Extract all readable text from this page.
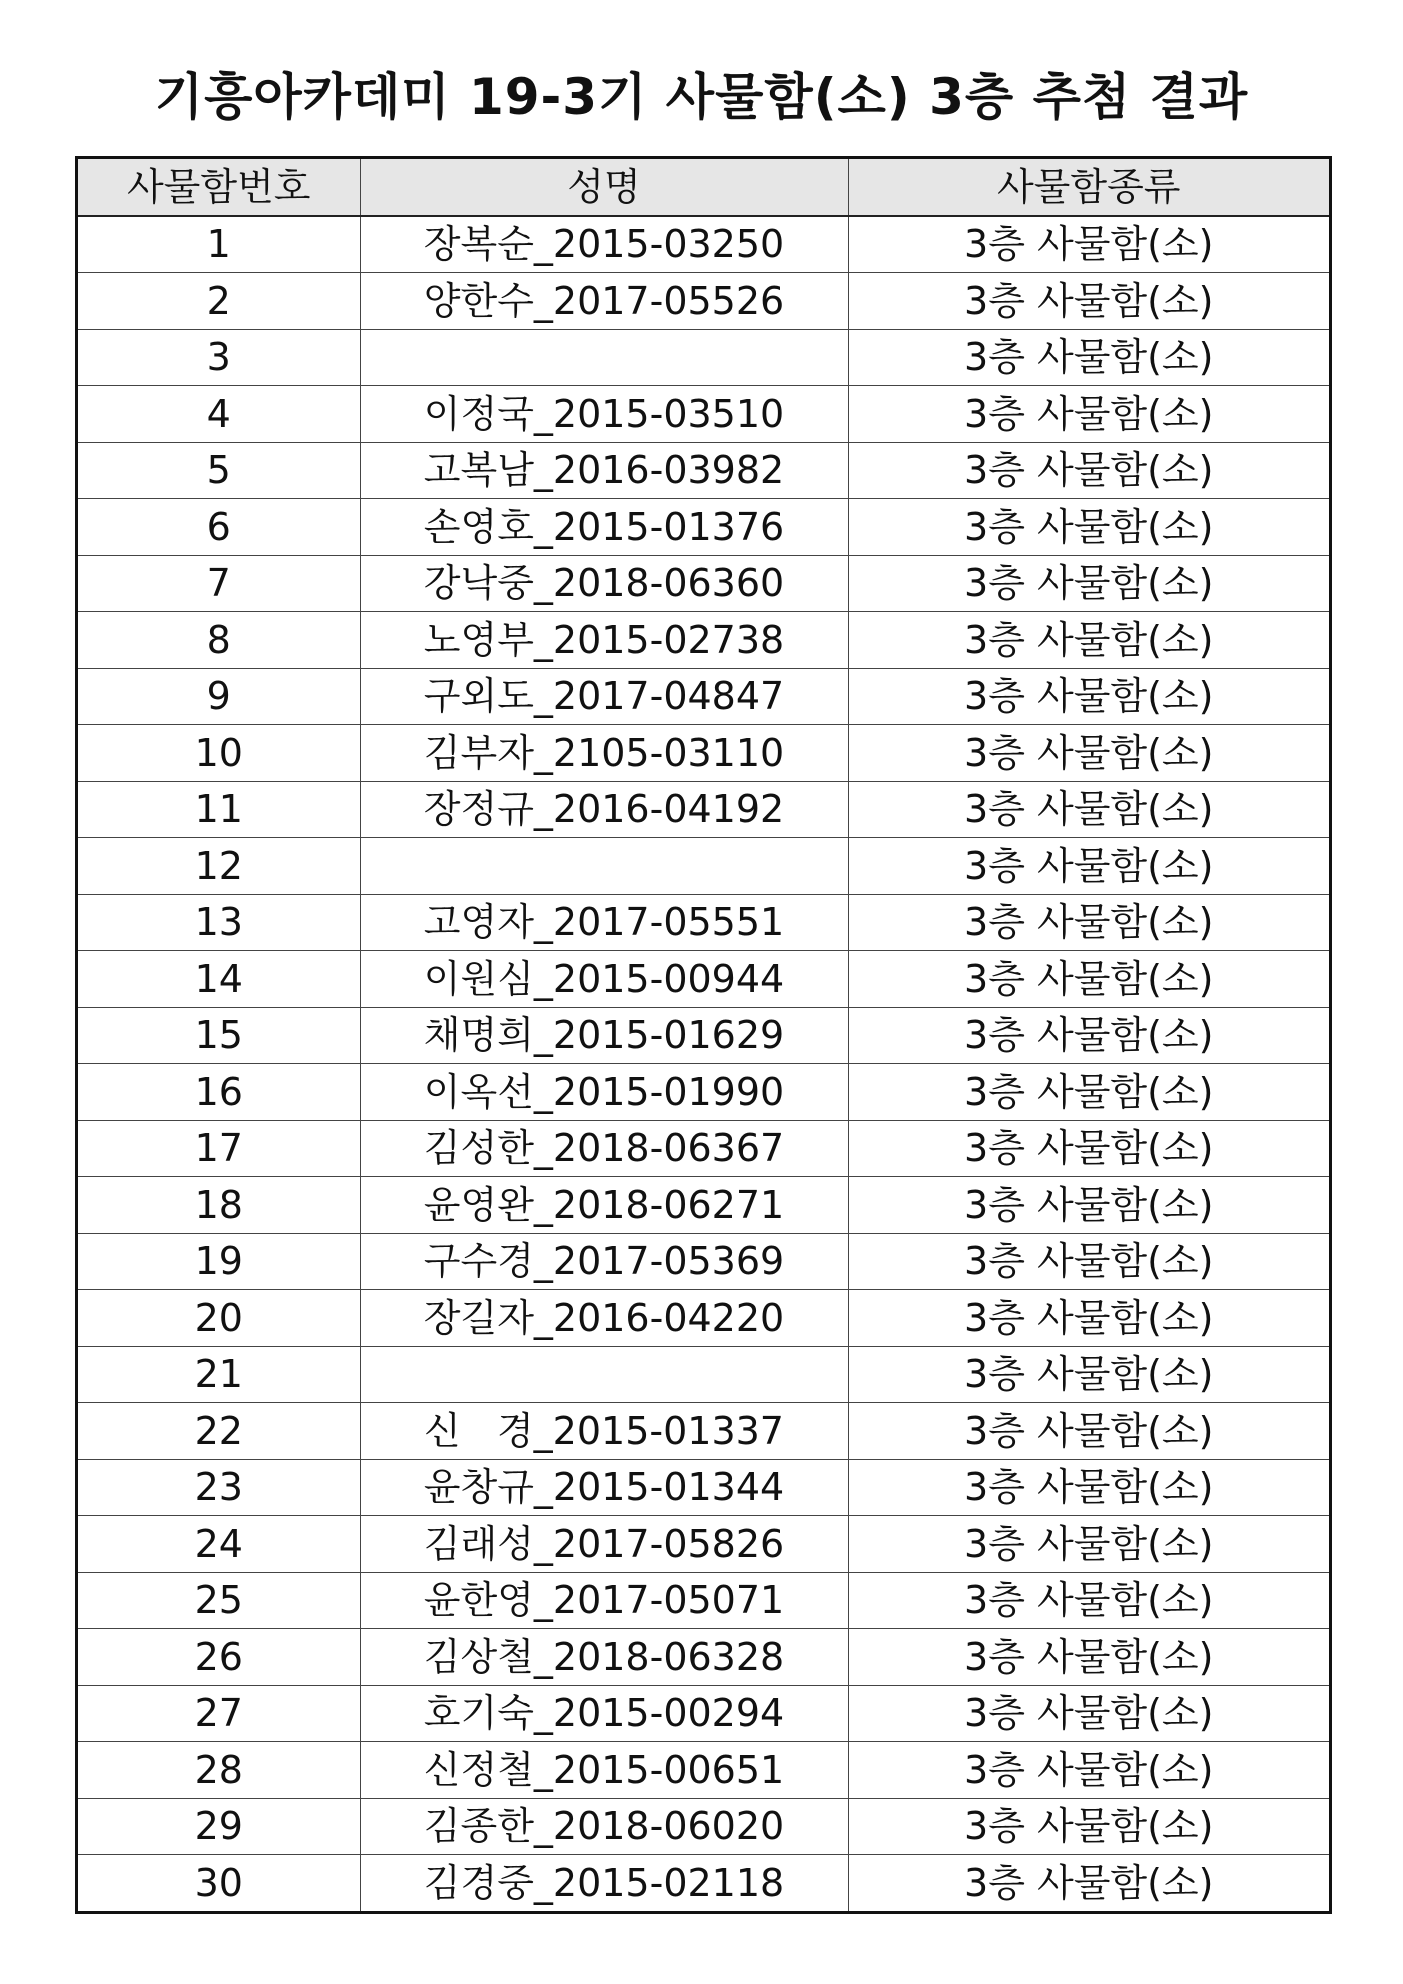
기흥아카데미 19-3기 사물함(소) 3층 추첨 결과
사물함번호	성명	사물함종류
1	장복순_2015-03250	3층 사물함(소)
2	양한수_2017-05526	3층 사물함(소)
3		3층 사물함(소)
4	이정국_2015-03510	3층 사물함(소)
5	고복남_2016-03982	3층 사물함(소)
6	손영호_2015-01376	3층 사물함(소)
7	강낙중_2018-06360	3층 사물함(소)
8	노영부_2015-02738	3층 사물함(소)
9	구외도_2017-04847	3층 사물함(소)
10	김부자_2105-03110	3층 사물함(소)
11	장정규_2016-04192	3층 사물함(소)
12		3층 사물함(소)
13	고영자_2017-05551	3층 사물함(소)
14	이원심_2015-00944	3층 사물함(소)
15	채명희_2015-01629	3층 사물함(소)
16	이옥선_2015-01990	3층 사물함(소)
17	김성한_2018-06367	3층 사물함(소)
18	윤영완_2018-06271	3층 사물함(소)
19	구수경_2017-05369	3층 사물함(소)
20	장길자_2016-04220	3층 사물함(소)
21		3층 사물함(소)
22	신   경_2015-01337	3층 사물함(소)
23	윤창규_2015-01344	3층 사물함(소)
24	김래성_2017-05826	3층 사물함(소)
25	윤한영_2017-05071	3층 사물함(소)
26	김상철_2018-06328	3층 사물함(소)
27	호기숙_2015-00294	3층 사물함(소)
28	신정철_2015-00651	3층 사물함(소)
29	김종한_2018-06020	3층 사물함(소)
30	김경중_2015-02118	3층 사물함(소)
